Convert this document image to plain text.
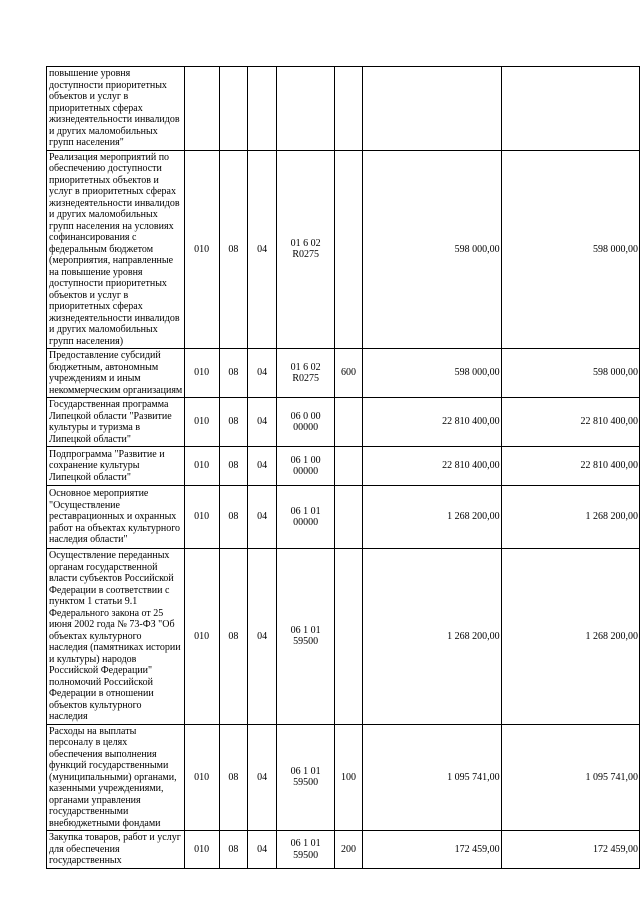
повышение уровня доступности приоритетных объектов и услуг в приоритетных сферах жизнедеятельности инвалидов и других маломобильных групп населения"							
Реализация мероприятий по обеспечению доступности приоритетных объектов и услуг в приоритетных сферах жизнедеятельности инвалидов и других маломобильных групп населения на условиях софинансирования с федеральным бюджетом (мероприятия, направленные на повышение уровня доступности приоритетных объектов и услуг в приоритетных сферах жизнедеятельности инвалидов и других маломобильных групп населения)	010	08	04	01 6 02 R0275		598 000,00	598 000,00
Предоставление субсидий бюджетным, автономным учреждениям и иным некоммерческим организациям	010	08	04	01 6 02 R0275	600	598 000,00	598 000,00
Государственная программа Липецкой области "Развитие культуры и туризма в Липецкой области"	010	08	04	06 0 00 00000		22 810 400,00	22 810 400,00
Подпрограмма "Развитие и сохранение культуры Липецкой области"	010	08	04	06 1 00 00000		22 810 400,00	22 810 400,00
Основное мероприятие "Осуществление реставрационных и охранных работ на объектах культурного наследия области"	010	08	04	06 1 01 00000		1 268 200,00	1 268 200,00
Осуществление переданных органам государственной власти субъектов Российской Федерации в соответствии с пунктом 1 статьи 9.1 Федерального закона от 25 июня 2002 года № 73-ФЗ "Об объектах культурного наследия (памятниках истории и культуры) народов Российской Федерации" полномочий Российской Федерации в отношении объектов культурного наследия	010	08	04	06 1 01 59500		1 268 200,00	1 268 200,00
Расходы на выплаты персоналу в целях обеспечения выполнения функций государственными (муниципальными) органами, казенными учреждениями, органами управления государственными внебюджетными фондами	010	08	04	06 1 01 59500	100	1 095 741,00	1 095 741,00
Закупка товаров, работ и услуг для обеспечения государственных	010	08	04	06 1 01 59500	200	172 459,00	172 459,00
